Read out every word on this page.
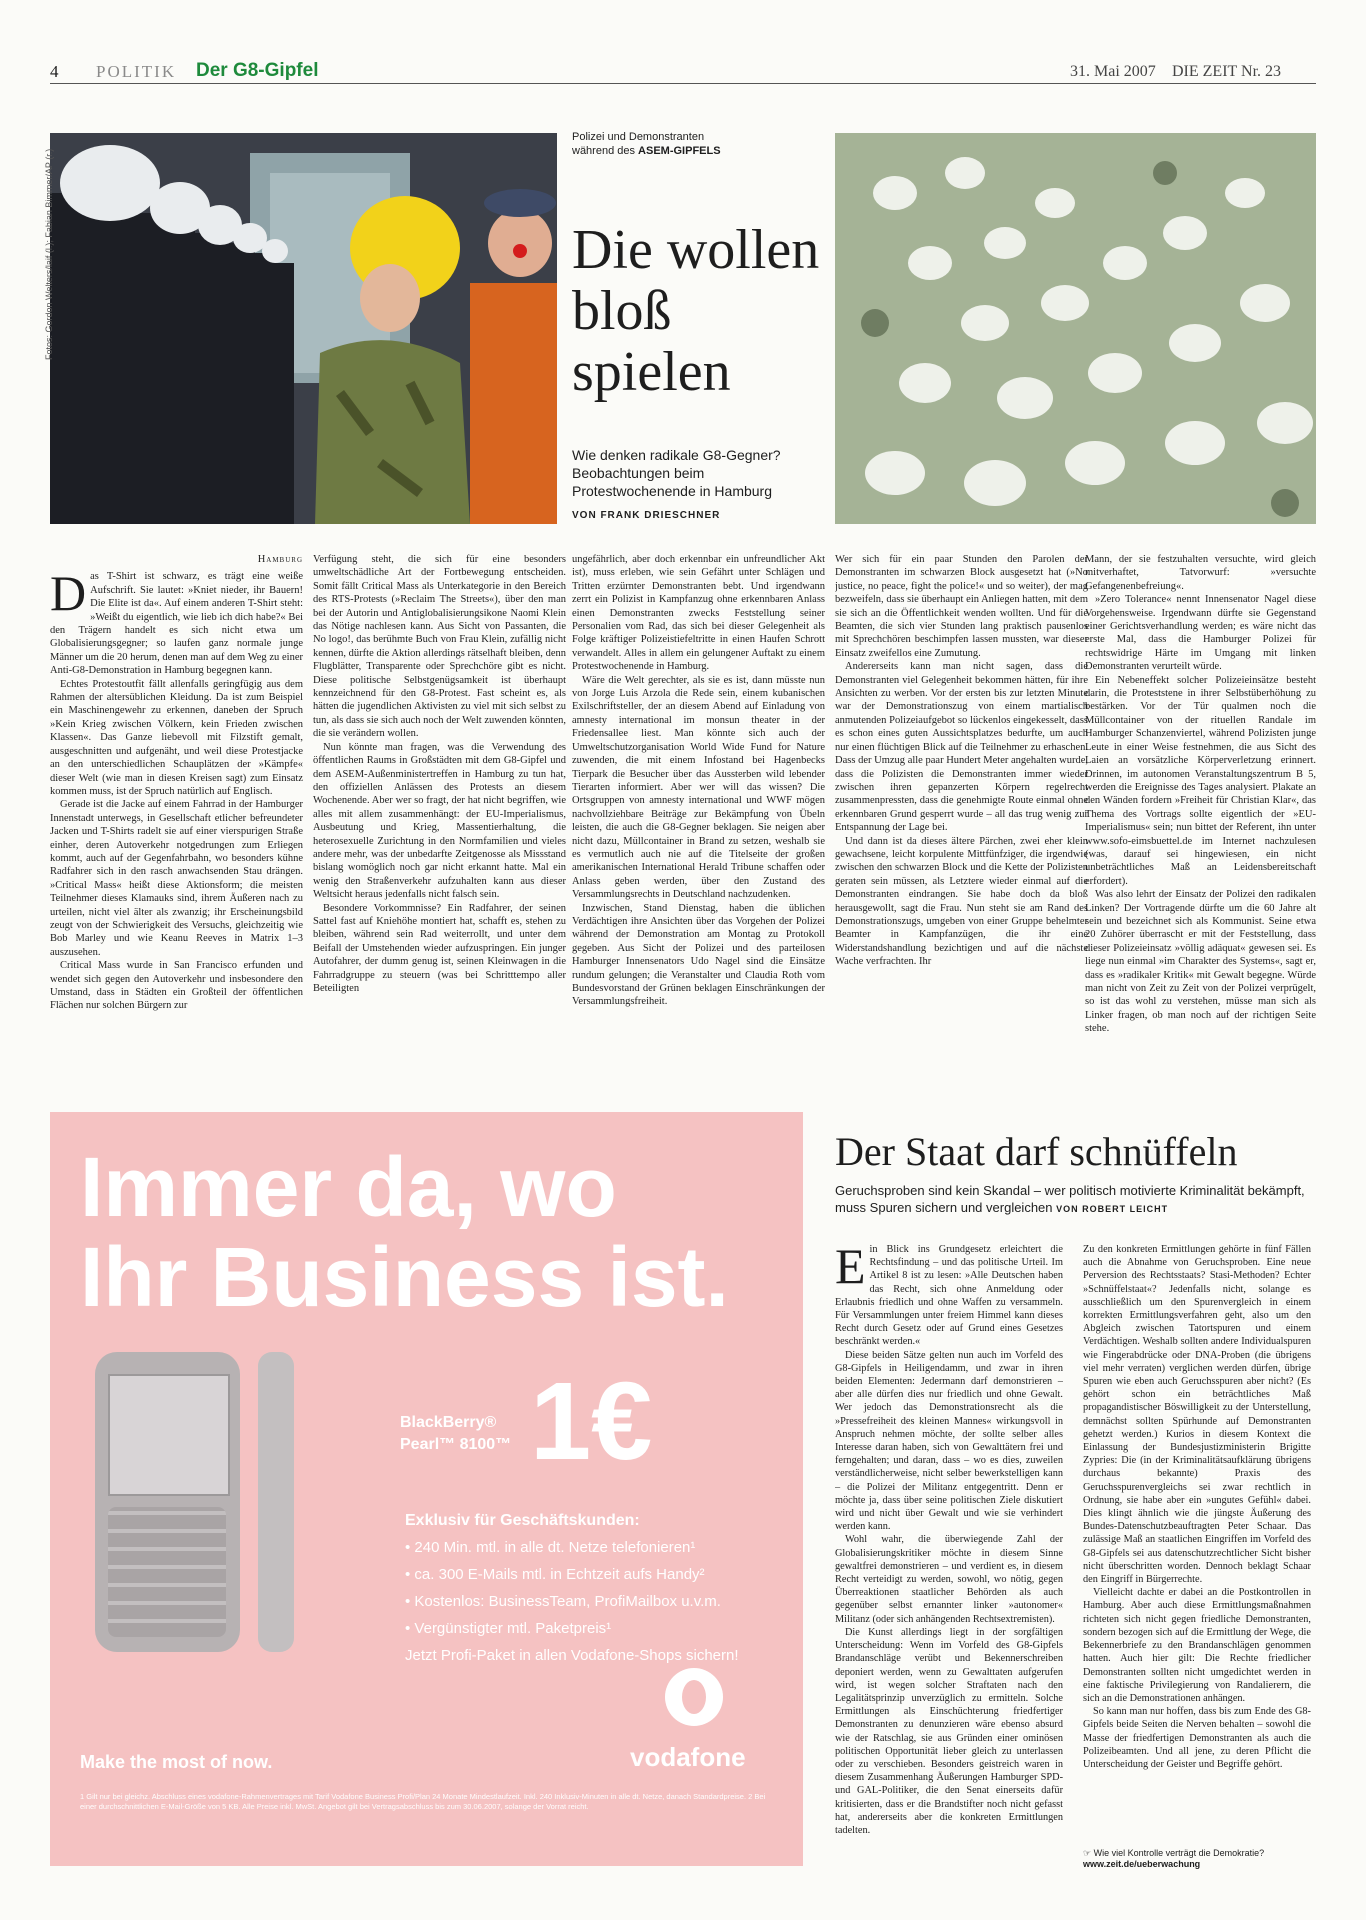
4 POLITIK Der G8-Gipfel	31. Mai 2007 DIE ZEIT Nr. 23
Fotos: Gordon Welters/laif (l.); Fabian Bimmer/AP (r.)
Polizei und Demonstranten
während des ASEM-GIPFELS
Die wollen bloß spielen
Wie denken radikale G8-Gegner? Beobachtungen beim Protestwochenende in Hamburg
VON FRANK DRIESCHNER
Hamburg
D as T-Shirt ist schwarz, es trägt eine weiße Aufschrift. Sie lautet: »Kniet nieder, ihr Bauern! Die Elite ist da«. Auf einem anderen T-Shirt steht: »Weißt du eigentlich, wie lieb ich dich habe?« Bei den Trägern handelt es sich nicht etwa um Globalisierungsgegner; so laufen ganz normale junge Männer um die 20 herum, denen man auf dem Weg zu einer Anti-G8-Demonstration in Hamburg begegnen kann.

Echtes Protestoutfit fällt allenfalls geringfügig aus dem Rahmen der altersüblichen Kleidung. Da ist zum Beispiel ein Maschinengewehr zu erkennen, daneben der Spruch »Kein Krieg zwischen Völkern, kein Frieden zwischen Klassen«. Das Ganze liebevoll mit Filzstift gemalt, ausgeschnitten und aufgenäht, und weil diese Protestjacke an den unterschiedlichen Schauplätzen der »Kämpfe« dieser Welt (wie man in diesen Kreisen sagt) zum Einsatz kommen muss, ist der Spruch natürlich auf Englisch.

Gerade ist die Jacke auf einem Fahrrad in der Hamburger Innenstadt unterwegs, in Gesellschaft etlicher befreundeter Jacken und T-Shirts radelt sie auf einer vierspurigen Straße einher, deren Autoverkehr notgedrungen zum Erliegen kommt, auch auf der Gegenfahrbahn, wo besonders kühne Radfahrer sich in den rasch anwachsenden Stau drängen. »Critical Mass« heißt diese Aktionsform; die meisten Teilnehmer dieses Klamauks sind, ihrem Äußeren nach zu urteilen, nicht viel älter als zwanzig; ihr Erscheinungsbild zeugt von der Schwierigkeit des Versuchs, gleichzeitig wie Bob Marley und wie Keanu Reeves in Matrix 1–3 auszusehen.

Critical Mass wurde in San Francisco erfunden und wendet sich gegen den Autoverkehr und insbesondere den Umstand, dass in Städten ein Großteil der öffentlichen Flächen nur solchen Bürgern zur

Verfügung steht, die sich für eine besonders umweltschädliche Art der Fortbewegung entscheiden. Somit fällt Critical Mass als Unterkategorie in den Bereich des RTS-Protests (»Reclaim The Streets«), über den man bei der Autorin und Antiglobalisierungsikone Naomi Klein das Nötige nachlesen kann. Aus Sicht von Passanten, die No logo!, das berühmte Buch von Frau Klein, zufällig nicht kennen, dürfte die Aktion allerdings rätselhaft bleiben, denn Flugblätter, Transparente oder Sprechchöre gibt es nicht. Diese politische Selbstgenügsamkeit ist überhaupt kennzeichnend für den G8-Protest. Fast scheint es, als hätten die jugendlichen Aktivisten zu viel mit sich selbst zu tun, als dass sie sich auch noch der Welt zuwenden könnten, die sie verändern wollen.

Nun könnte man fragen, was die Verwendung des öffentlichen Raums in Großstädten mit dem G8-Gipfel und dem ASEM-Außenministertreffen in Hamburg zu tun hat, den offiziellen Anlässen des Protests an diesem Wochenende. Aber wer so fragt, der hat nicht begriffen, wie alles mit allem zusammenhängt: der EU-Imperialismus, Ausbeutung und Krieg, Massentierhaltung, die heterosexuelle Zurichtung in den Normfamilien und vieles andere mehr, was der unbedarfte Zeitgenosse als Missstand bislang womöglich noch gar nicht erkannt hatte. Mal ein wenig den Straßenverkehr aufzuhalten kann aus dieser Weltsicht heraus jedenfalls nicht falsch sein.

Besondere Vorkommnisse? Ein Radfahrer, der seinen Sattel fast auf Kniehöhe montiert hat, schafft es, stehen zu bleiben, während sein Rad weiterrollt, und unter dem Beifall der Umstehenden wieder aufzuspringen. Ein junger Autofahrer, der dumm genug ist, seinen Kleinwagen in die Fahrradgruppe zu steuern (was bei Schritttempo aller Beteiligten

ungefährlich, aber doch erkennbar ein unfreundlicher Akt ist), muss erleben, wie sein Gefährt unter Schlägen und Tritten erzürnter Demonstranten bebt. Und irgendwann zerrt ein Polizist in Kampfanzug ohne erkennbaren Anlass einen Demonstranten zwecks Feststellung seiner Personalien vom Rad, das sich bei dieser Gelegenheit als Folge kräftiger Polizeistiefeltritte in einen Haufen Schrott verwandelt. Alles in allem ein gelungener Auftakt zu einem Protestwochenende in Hamburg.

Wäre die Welt gerechter, als sie es ist, dann müsste nun von Jorge Luis Arzola die Rede sein, einem kubanischen Exilschriftsteller, der an diesem Abend auf Einladung von amnesty international im monsun theater in der Friedensallee liest. Man könnte sich auch der Umweltschutzorganisation World Wide Fund for Nature zuwenden, die mit einem Infostand bei Hagenbecks Tierpark die Besucher über das Aussterben wild lebender Tierarten informiert. Aber wer will das wissen? Die Ortsgruppen von amnesty international und WWF mögen nachvollziehbare Beiträge zur Bekämpfung von Übeln leisten, die auch die G8-Gegner beklagen. Sie neigen aber nicht dazu, Müllcontainer in Brand zu setzen, weshalb sie es vermutlich auch nie auf die Titelseite der großen amerikanischen International Herald Tribune schaffen oder Anlass geben werden, über den Zustand des Versammlungsrechts in Deutschland nachzudenken.

Inzwischen, Stand Dienstag, haben die üblichen Verdächtigen ihre Ansichten über das Vorgehen der Polizei während der Demonstration am Montag zu Protokoll gegeben. Aus Sicht der Polizei und des parteilosen Hamburger Innensenators Udo Nagel sind die Einsätze rundum gelungen; die Veranstalter und Claudia Roth vom Bundesvorstand der Grünen beklagen Einschränkungen der Versammlungsfreiheit.

Wer sich für ein paar Stunden den Parolen der Demonstranten im schwarzen Block ausgesetzt hat (»No justice, no peace, fight the police!« und so weiter), der mag bezweifeln, dass sie überhaupt ein Anliegen hatten, mit dem sie sich an die Öffentlichkeit wenden wollten. Und für die Beamten, die sich vier Stunden lang praktisch pausenlos mit Sprechchören beschimpfen lassen mussten, war dieser Einsatz zweifellos eine Zumutung.

Andererseits kann man nicht sagen, dass die Demonstranten viel Gelegenheit bekommen hätten, für ihre Ansichten zu werben. Vor der ersten bis zur letzten Minute war der Demonstrationszug von einem martialisch anmutenden Polizeiaufgebot so lückenlos eingekesselt, dass es schon eines guten Aussichtsplatzes bedurfte, um auch nur einen flüchtigen Blick auf die Teilnehmer zu erhaschen. Dass der Umzug alle paar Hundert Meter angehalten wurde, dass die Polizisten die Demonstranten immer wieder zwischen ihren gepanzerten Körpern regelrecht zusammenpressten, dass die genehmigte Route einmal ohne erkennbaren Grund gesperrt wurde – all das trug wenig zur Entspannung der Lage bei.

Und dann ist da dieses ältere Pärchen, zwei eher klein gewachsene, leicht korpulente Mittfünfziger, die irgendwie zwischen den schwarzen Block und die Kette der Polizisten geraten sein müssen, als Letztere wieder einmal auf die Demonstranten eindrangen. Sie habe doch da bloß herausgewollt, sagt die Frau. Nun steht sie am Rand des Demonstrationszugs, umgeben von einer Gruppe behelmter Beamter in Kampfanzügen, die ihr eine Widerstandshandlung bezichtigen und auf die nächste Wache verfrachten. Ihr

Mann, der sie festzuhalten versuchte, wird gleich mitverhaftet, Tatvorwurf: »versuchte Gefangenenbefreiung«.

»Zero Tolerance« nennt Innensenator Nagel diese Vorgehensweise. Irgendwann dürfte sie Gegenstand einer Gerichtsverhandlung werden; es wäre nicht das erste Mal, dass die Hamburger Polizei für rechtswidrige Härte im Umgang mit linken Demonstranten verurteilt würde.

Ein Nebeneffekt solcher Polizeieinsätze besteht darin, die Proteststene in ihrer Selbstüberhöhung zu bestärken. Vor der Tür qualmen noch die Müllcontainer von der rituellen Randale im Hamburger Schanzenviertel, während Polizisten junge Leute in einer Weise festnehmen, die aus Sicht des Laien an vorsätzliche Körperverletzung erinnert. Drinnen, im autonomen Veranstaltungszentrum B 5, werden die Ereignisse des Tages analysiert. Plakate an den Wänden fordern »Freiheit für Christian Klar«, das Thema des Vortrags sollte eigentlich der »EU-Imperialismus« sein; nun bittet der Referent, ihn unter www.sofo-eimsbuettel.de im Internet nachzulesen (was, darauf sei hingewiesen, ein nicht unbeträchtliches Maß an Leidensbereitschaft erfordert).

Was also lehrt der Einsatz der Polizei den radikalen Linken? Der Vortragende dürfte um die 60 Jahre alt sein und bezeichnet sich als Kommunist. Seine etwa 20 Zuhörer überrascht er mit der Feststellung, dass dieser Polizeieinsatz »völlig adäquat« gewesen sei. Es liege nun einmal »im Charakter des Systems«, sagt er, dass es »radikaler Kritik« mit Gewalt begegne. Würde man nicht von Zeit zu Zeit von der Polizei verprügelt, so ist das wohl zu verstehen, müsse man sich als Linker fragen, ob man noch auf der richtigen Seite stehe.

Immer da, wo
Ihr Business ist.
BlackBerry®
Pearl™ 8100™ 1€
Exklusiv für Geschäftskunden:
• 240 Min. mtl. in alle dt. Netze telefonieren¹
• ca. 300 E-Mails mtl. in Echtzeit aufs Handy²
• Kostenlos: BusinessTeam, ProfiMailbox u.v.m.
• Vergünstigter mtl. Paketpreis¹
Jetzt Profi-Paket in allen Vodafone-Shops sichern!
vodafone
Make the most of now.
1 Gilt nur bei gleichz. Abschluss eines vodafone-Rahmenvertrages mit Tarif Vodafone Business Profi/Plan 24 Monate Mindestlaufzeit. Inkl. 240 Inklusiv-Minuten in alle dt. Netze, danach Standardpreise. 2 Bei einer durchschnittlichen E-Mail-Größe von 5 KB. Alle Preise inkl. MwSt. Angebot gilt bei Vertragsabschluss bis zum 30.06.2007, solange der Vorrat reicht.
Der Staat darf schnüffeln
Geruchsproben sind kein Skandal – wer politisch motivierte Kriminalität bekämpft, muss Spuren sichern und vergleichen VON ROBERT LEICHT
E in Blick ins Grundgesetz erleichtert die Rechtsfindung – und das politische Urteil. Im Artikel 8 ist zu lesen: »Alle Deutschen haben das Recht, sich ohne Anmeldung oder Erlaubnis friedlich und ohne Waffen zu versammeln. Für Versammlungen unter freiem Himmel kann dieses Recht durch Gesetz oder auf Grund eines Gesetzes beschränkt werden.«

Diese beiden Sätze gelten nun auch im Vorfeld des G8-Gipfels in Heiligendamm, und zwar in ihren beiden Elementen: Jedermann darf demonstrieren – aber alle dürfen dies nur friedlich und ohne Gewalt. Wer jedoch das Demonstrationsrecht als die »Pressefreiheit des kleinen Mannes« wirkungsvoll in Anspruch nehmen möchte, der sollte selber alles Interesse daran haben, sich von Gewalttätern frei und ferngehalten; und daran, dass – wo es dies, zuweilen verständlicherweise, nicht selber bewerkstelligen kann – die Polizei der Militanz entgegentritt. Denn er möchte ja, dass über seine politischen Ziele diskutiert wird und nicht über Gewalt und wie sie verhindert werden kann.

Wohl wahr, die überwiegende Zahl der Globalisierungskritiker möchte in diesem Sinne gewaltfrei demonstrieren – und verdient es, in diesem Recht verteidigt zu werden, sowohl, wo nötig, gegen Überreaktionen staatlicher Behörden als auch gegenüber selbst ernannter linker »autonomer« Militanz (oder sich anhängenden Rechtsextremisten).

Die Kunst allerdings liegt in der sorgfältigen Unterscheidung: Wenn im Vorfeld des G8-Gipfels Brandanschläge verübt und Bekennerschreiben deponiert werden, wenn zu Gewalttaten aufgerufen wird, ist wegen solcher Straftaten nach den Legalitätsprinzip unverzüglich zu ermitteln. Solche Ermittlungen als Einschüchterung friedfertiger Demonstranten zu denunzieren wäre ebenso absurd wie der Ratschlag, sie aus Gründen einer ominösen politischen Opportunität lieber gleich zu unterlassen oder zu verschieben. Besonders geistreich waren in diesem Zusammenhang Äußerungen Hamburger SPD- und GAL-Politiker, die den Senat einerseits dafür kritisierten, dass er die Brandstifter noch nicht gefasst hat, andererseits aber die konkreten Ermittlungen tadelten.

Zu den konkreten Ermittlungen gehörte in fünf Fällen auch die Abnahme von Geruchsproben. Eine neue Perversion des Rechtsstaats? Stasi-Methoden? Echter »Schnüffelstaat«? Jedenfalls nicht, solange es ausschließlich um den Spurenvergleich in einem korrekten Ermittlungsverfahren geht, also um den Abgleich zwischen Tatortspuren und einem Verdächtigen. Weshalb sollten andere Individualspuren wie Fingerabdrücke oder DNA-Proben (die übrigens viel mehr verraten) verglichen werden dürfen, übrige Spuren wie eben auch Geruchsspuren aber nicht? (Es gehört schon ein beträchtliches Maß propagandistischer Böswilligkeit zu der Unterstellung, demnächst sollten Spürhunde auf Demonstranten gehetzt werden.) Kurios in diesem Kontext die Einlassung der Bundesjustizministerin Brigitte Zypries: Die (in der Kriminalitätsaufklärung übrigens durchaus bekannte) Praxis des Geruchsspurenvergleichs sei zwar rechtlich in Ordnung, sie habe aber ein »ungutes Gefühl« dabei. Dies klingt ähnlich wie die jüngste Äußerung des Bundes-Datenschutzbeauftragten Peter Schaar. Das zulässige Maß an staatlichen Eingriffen im Vorfeld des G8-Gipfels sei aus datenschutzrechtlicher Sicht bisher nicht überschritten worden. Dennoch beklagt Schaar den Eingriff in Bürgerrechte.

Vielleicht dachte er dabei an die Postkontrollen in Hamburg. Aber auch diese Ermittlungsmaßnahmen richteten sich nicht gegen friedliche Demonstranten, sondern bezogen sich auf die Ermittlung der Wege, die Bekennerbriefe zu den Brandanschlägen genommen hatten. Auch hier gilt: Die Rechte friedlicher Demonstranten sollten nicht umgedichtet werden in eine faktische Privilegierung von Randalierern, die sich an die Demonstrationen anhängen.

So kann man nur hoffen, dass bis zum Ende des G8-Gipfels beide Seiten die Nerven behalten – sowohl die Masse der friedfertigen Demonstranten als auch die Polizeibeamten. Und all jene, zu deren Pflicht die Unterscheidung der Geister und Begriffe gehört.

☞ Wie viel Kontrolle verträgt die Demokratie?
www.zeit.de/ueberwachung
